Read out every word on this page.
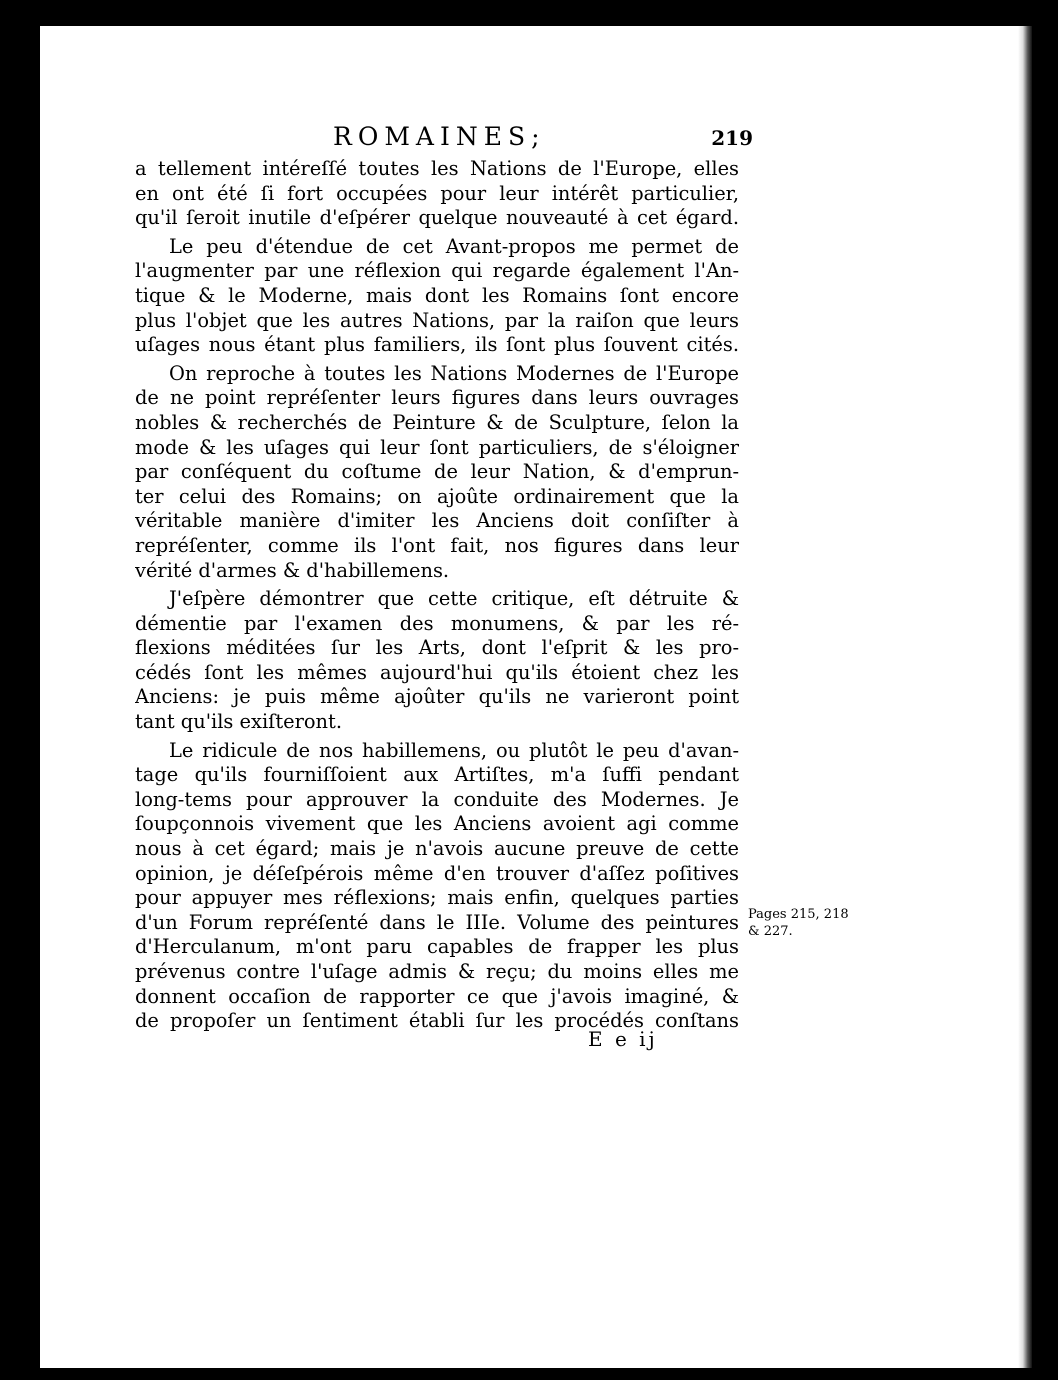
ROMAINES;	219
a tellement intéreſſé toutes les Nations de l'Europe, elles
en ont été ſi fort occupées pour leur intérêt particulier,
qu'il ſeroit inutile d'eſpérer quelque nouveauté à cet égard.
Le peu d'étendue de cet Avant-propos me permet de
l'augmenter par une réflexion qui regarde également l'An-
tique & le Moderne, mais dont les Romains ſont encore
plus l'objet que les autres Nations, par la raiſon que leurs
uſages nous étant plus familiers, ils ſont plus ſouvent cités.
On reproche à toutes les Nations Modernes de l'Europe
de ne point repréſenter leurs figures dans leurs ouvrages
nobles & recherchés de Peinture & de Sculpture, ſelon la
mode & les uſages qui leur ſont particuliers, de s'éloigner
par conſéquent du coſtume de leur Nation, & d'emprun-
ter celui des Romains; on ajoûte ordinairement que la
véritable manière d'imiter les Anciens doit conſiſter à
repréſenter, comme ils l'ont fait, nos figures dans leur
vérité d'armes & d'habillemens.
J'eſpère démontrer que cette critique, eſt détruite &
démentie par l'examen des monumens, & par les ré-
flexions méditées ſur les Arts, dont l'eſprit & les pro-
cédés ſont les mêmes aujourd'hui qu'ils étoient chez les
Anciens: je puis même ajoûter qu'ils ne varieront point
tant qu'ils exiſteront.
Le ridicule de nos habillemens, ou plutôt le peu d'avan-
tage qu'ils fourniſſoient aux Artiſtes, m'a ſuffi pendant
long-tems pour approuver la conduite des Modernes. Je
ſoupçonnois vivement que les Anciens avoient agi comme
nous à cet égard; mais je n'avois aucune preuve de cette
opinion, je déſeſpérois même d'en trouver d'aſſez poſitives
pour appuyer mes réflexions; mais enfin, quelques parties
d'un Forum repréſenté dans le IIIe. Volume des peintures
d'Herculanum, m'ont paru capables de frapper les plus
prévenus contre l'uſage admis & reçu; du moins elles me
donnent occaſion de rapporter ce que j'avois imaginé, &
de propoſer un ſentiment établi ſur les procédés conſtans
Pages 215, 218
& 227.
E e ij
